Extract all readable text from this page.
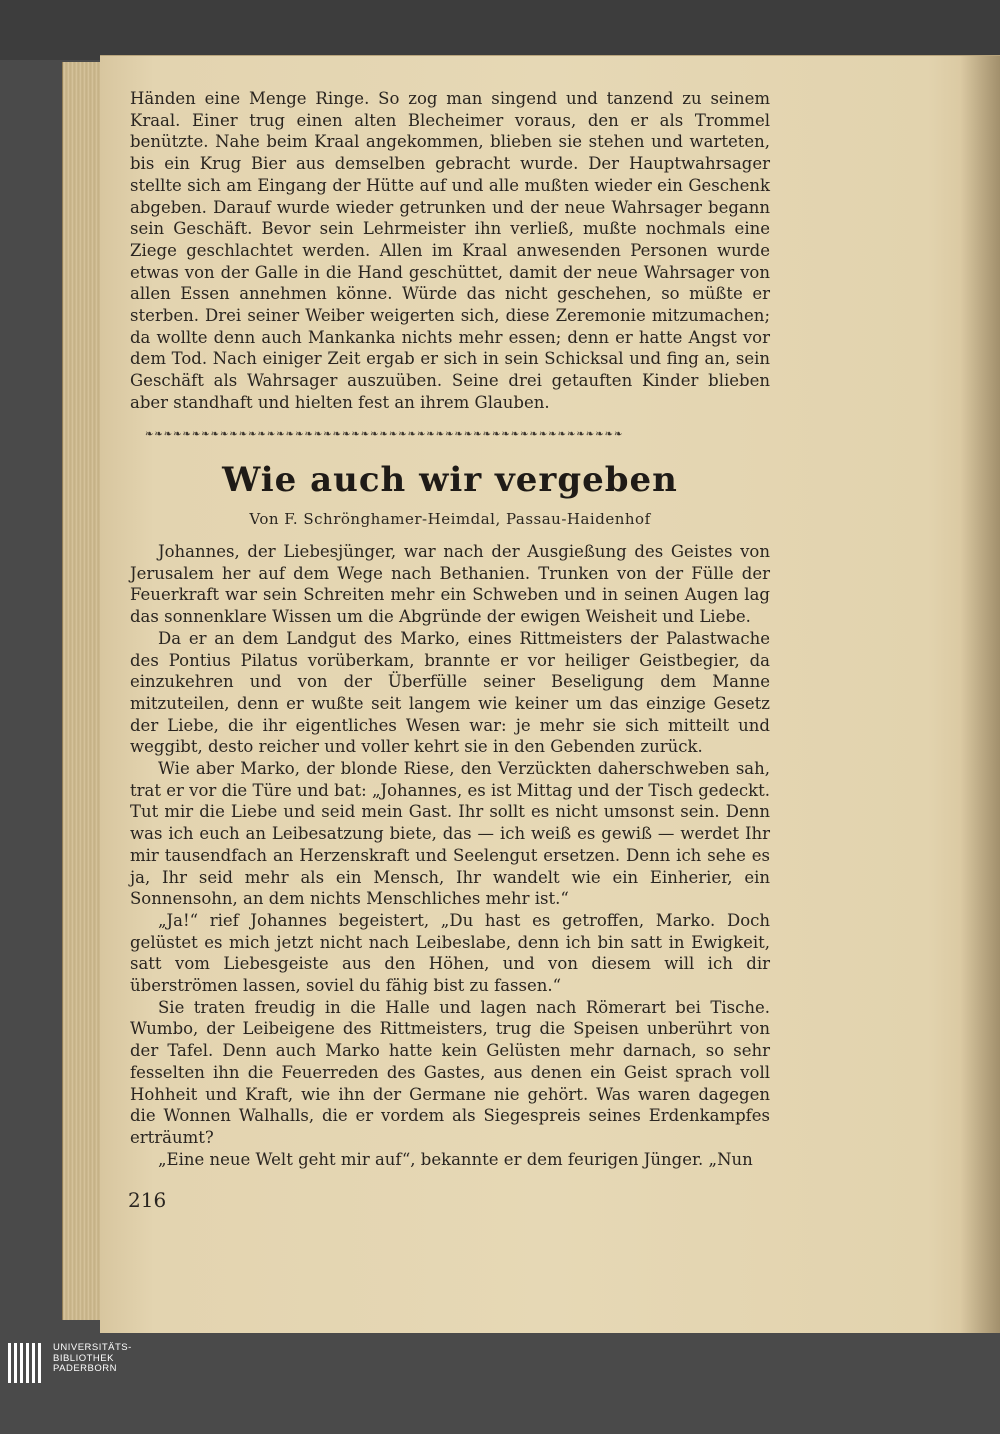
Händen eine Menge Ringe. So zog man singend und tanzend zu seinem Kraal. Einer trug einen alten Blecheimer voraus, den er als Trommel benützte. Nahe beim Kraal angekommen, blieben sie stehen und warteten, bis ein Krug Bier aus demselben gebracht wurde. Der Hauptwahrsager stellte sich am Eingang der Hütte auf und alle mußten wieder ein Geschenk abgeben. Darauf wurde wieder getrunken und der neue Wahrsager begann sein Geschäft. Bevor sein Lehrmeister ihn verließ, mußte nochmals eine Ziege geschlachtet werden. Allen im Kraal anwesenden Personen wurde etwas von der Galle in die Hand geschüttet, damit der neue Wahrsager von allen Essen annehmen könne. Würde das nicht geschehen, so müßte er sterben. Drei seiner Weiber weigerten sich, diese Zeremonie mitzumachen; da wollte denn auch Mankanka nichts mehr essen; denn er hatte Angst vor dem Tod. Nach einiger Zeit ergab er sich in sein Schicksal und fing an, sein Geschäft als Wahrsager auszuüben. Seine drei getauften Kinder blieben aber standhaft und hielten fest an ihrem Glauben.

❧❧❧❧❧❧❧❧❧❧❧❧❧❧❧❧❧❧❧❧❧❧❧❧❧❧❧❧❧❧❧❧❧❧❧❧❧❧❧❧❧❧❧❧❧❧❧❧❧❧❧
Wie auch wir vergeben
Von F. Schrönghamer-Heimdal, Passau-Haidenhof

Johannes, der Liebesjünger, war nach der Ausgießung des Geistes von Jerusalem her auf dem Wege nach Bethanien. Trunken von der Fülle der Feuerkraft war sein Schreiten mehr ein Schweben und in seinen Augen lag das sonnenklare Wissen um die Abgründe der ewigen Weisheit und Liebe.

Da er an dem Landgut des Marko, eines Rittmeisters der Palastwache des Pontius Pilatus vorüberkam, brannte er vor heiliger Geistbegier, da einzukehren und von der Überfülle seiner Beseligung dem Manne mitzuteilen, denn er wußte seit langem wie keiner um das einzige Gesetz der Liebe, die ihr eigentliches Wesen war: je mehr sie sich mitteilt und weggibt, desto reicher und voller kehrt sie in den Gebenden zurück.

Wie aber Marko, der blonde Riese, den Verzückten daherschweben sah, trat er vor die Türe und bat: „Johannes, es ist Mittag und der Tisch gedeckt. Tut mir die Liebe und seid mein Gast. Ihr sollt es nicht umsonst sein. Denn was ich euch an Leibesatzung biete, das — ich weiß es gewiß — werdet Ihr mir tausendfach an Herzenskraft und Seelengut ersetzen. Denn ich sehe es ja, Ihr seid mehr als ein Mensch, Ihr wandelt wie ein Einherier, ein Sonnensohn, an dem nichts Menschliches mehr ist.“

„Ja!“ rief Johannes begeistert, „Du hast es getroffen, Marko. Doch gelüstet es mich jetzt nicht nach Leibeslabe, denn ich bin satt in Ewigkeit, satt vom Liebesgeiste aus den Höhen, und von diesem will ich dir überströmen lassen, soviel du fähig bist zu fassen.“

Sie traten freudig in die Halle und lagen nach Römerart bei Tische. Wumbo, der Leibeigene des Rittmeisters, trug die Speisen unberührt von der Tafel. Denn auch Marko hatte kein Gelüsten mehr darnach, so sehr fesselten ihn die Feuerreden des Gastes, aus denen ein Geist sprach voll Hohheit und Kraft, wie ihn der Germane nie gehört. Was waren dagegen die Wonnen Walhalls, die er vordem als Siegespreis seines Erdenkampfes erträumt?

„Eine neue Welt geht mir auf“, bekannte er dem feurigen Jünger. „Nun

216
UNIVERSITÄTS-
BIBLIOTHEK
PADERBORN
